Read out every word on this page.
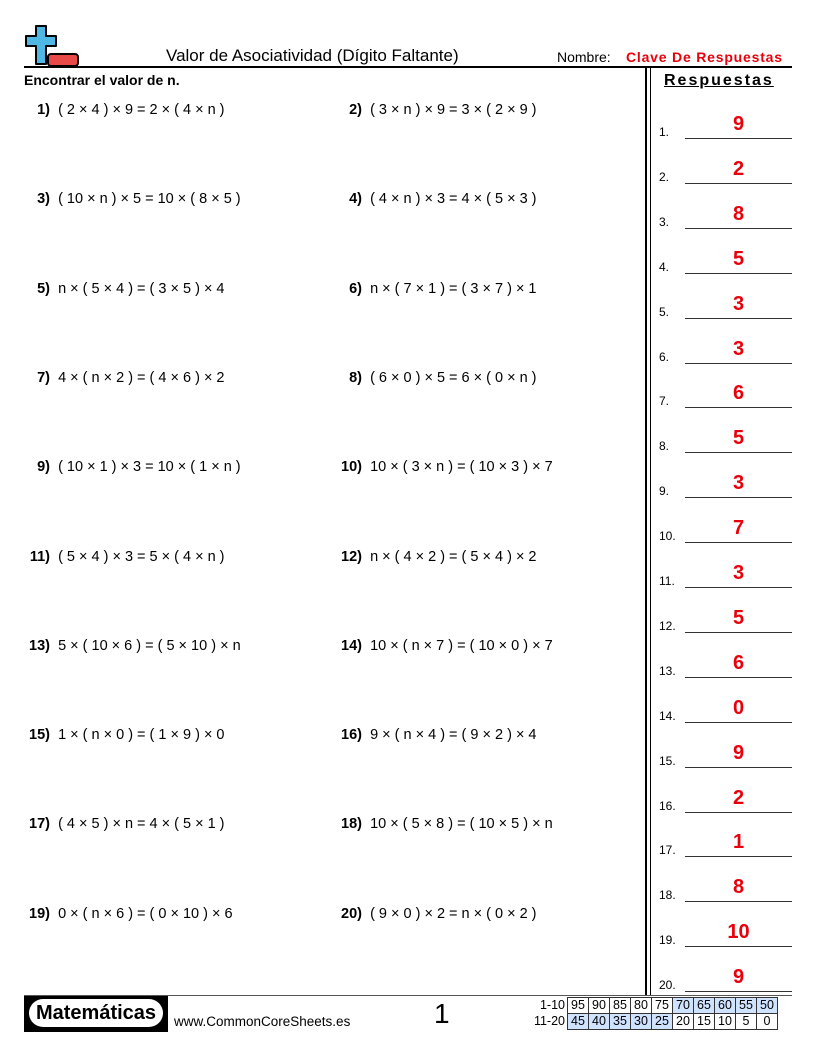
Valor de Asociatividad (Dígito Faltante)	Nombre: Clave De Respuestas
Encontrar el valor de n.	Respuestas
1) ( 2 × 4 ) × 9 = 2 × ( 4 × n )	2) ( 3 × n ) × 9 = 3 × ( 2 × 9 )
3) ( 10 × n ) × 5 = 10 × ( 8 × 5 )	4) ( 4 × n ) × 3 = 4 × ( 5 × 3 )
5) n × ( 5 × 4 ) = ( 3 × 5 ) × 4	6) n × ( 7 × 1 ) = ( 3 × 7 ) × 1
7) 4 × ( n × 2 ) = ( 4 × 6 ) × 2	8) ( 6 × 0 ) × 5 = 6 × ( 0 × n )
9) ( 10 × 1 ) × 3 = 10 × ( 1 × n )	10) 10 × ( 3 × n ) = ( 10 × 3 ) × 7
11) ( 5 × 4 ) × 3 = 5 × ( 4 × n )	12) n × ( 4 × 2 ) = ( 5 × 4 ) × 2
13) 5 × ( 10 × 6 ) = ( 5 × 10 ) × n	14) 10 × ( n × 7 ) = ( 10 × 0 ) × 7
15) 1 × ( n × 0 ) = ( 1 × 9 ) × 0	16) 9 × ( n × 4 ) = ( 9 × 2 ) × 4
17) ( 4 × 5 ) × n = 4 × ( 5 × 1 )	18) 10 × ( 5 × 8 ) = ( 10 × 5 ) × n
19) 0 × ( n × 6 ) = ( 0 × 10 ) × 6	20) ( 9 × 0 ) × 2 = n × ( 0 × 2 )
1.	9
2.	2
3.	8
4.	5
5.	3
6.	3
7.	6
8.	5
9.	3
10.	7
11.	3
12.	5
13.	6
14.	0
15.	9
16.	2
17.	1
18.	8
19.	10
20.	9
Matemáticas	www.CommonCoreSheets.es	1	1-10	95	90	85	80	75	70	65	60	55	50
11-20	45	40	35	30	25	20	15	10	5	0
